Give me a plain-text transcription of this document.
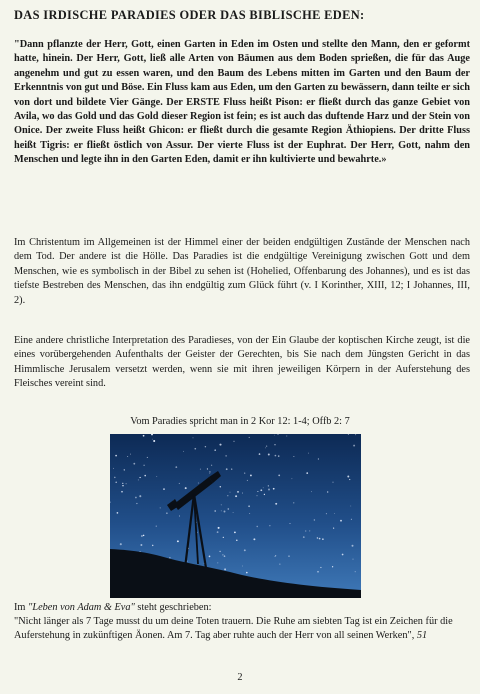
DAS IRDISCHE PARADIES ODER DAS BIBLISCHE EDEN:
"Dann pflanzte der Herr, Gott, einen Garten in Eden im Osten und stellte den Mann, den er geformt hatte, hinein. Der Herr, Gott, ließ alle Arten von Bäumen aus dem Boden sprießen, die für das Auge angenehm und gut zu essen waren, und den Baum des Lebens mitten im Garten und den Baum der Erkenntnis von gut und Böse. Ein Fluss kam aus Eden, um den Garten zu bewässern, dann teilte er sich von dort und bildete Vier Gänge. Der ERSTE Fluss heißt Pison: er fließt durch das ganze Gebiet von Avila, wo das Gold und das Gold dieser Region ist fein; es ist auch das duftende Harz und der Stein von Onice. Der zweite Fluss heißt Ghicon: er fließt durch die gesamte Region Äthiopiens. Der dritte Fluss heißt Tigris: er fließt östlich von Assur. Der vierte Fluss ist der Euphrat. Der Herr, Gott, nahm den Menschen und legte ihn in den Garten Eden, damit er ihn kultivierte und bewahrte.»
Im Christentum im Allgemeinen ist der Himmel einer der beiden endgültigen Zustände der Menschen nach dem Tod. Der andere ist die Hölle. Das Paradies ist die endgültige Vereinigung zwischen Gott und dem Menschen, wie es symbolisch in der Bibel zu sehen ist (Hohelied, Offenbarung des Johannes), und es ist das tiefste Bestreben des Menschen, das ihn endgültig zum Glück führt (v. I Korinther, XIII, 12; I Johannes, III, 2).
Eine andere christliche Interpretation des Paradieses, von der Ein Glaube der koptischen Kirche zeugt, ist die eines vorübergehenden Aufenthalts der Geister der Gerechten, bis Sie nach dem Jüngsten Gericht in das Himmlische Jerusalem versetzt werden, wenn sie mit ihren jeweiligen Körpern in der Auferstehung des Fleisches vereint sind.
Vom Paradies spricht man in 2 Kor 12: 1-4; Offb 2: 7
Im "Leben von Adam & Eva" steht geschrieben:
"Nicht länger als 7 Tage musst du um deine Toten trauern. Die Ruhe am siebten Tag ist ein Zeichen für die Auferstehung in zukünftigen Äonen. Am 7. Tag aber ruhte auch der Herr von all seinen Werken", 51
2
